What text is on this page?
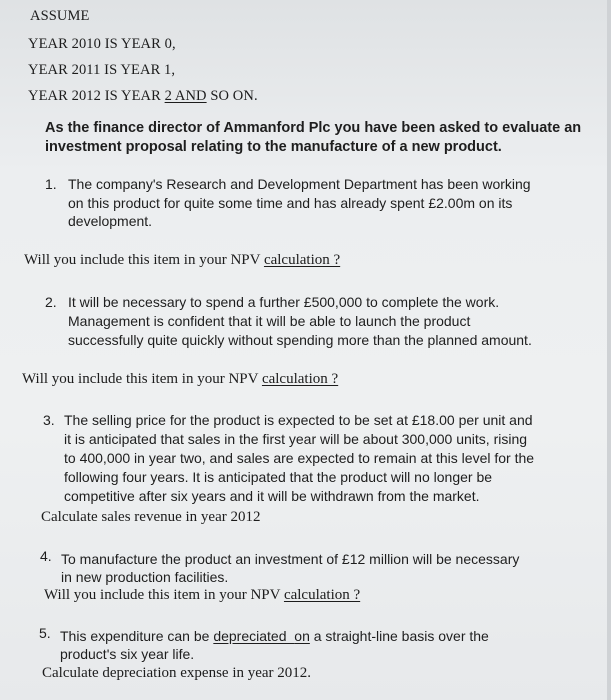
ASSUME
YEAR 2010 IS YEAR 0,
YEAR 2011 IS YEAR 1,
YEAR 2012 IS YEAR 2 AND SO ON.
As the finance director of Ammanford Plc you have been asked to evaluate an
investment proposal relating to the manufacture of a new product.
1. The company's Research and Development Department has been working
on this product for quite some time and has already spent £2.00m on its
development.
Will you include this item in your NPV calculation ?
2. It will be necessary to spend a further £500,000 to complete the work.
Management is confident that it will be able to launch the product
successfully quite quickly without spending more than the planned amount.
Will you include this item in your NPV calculation ?
3. The selling price for the product is expected to be set at £18.00 per unit and
it is anticipated that sales in the first year will be about 300,000 units, rising
to 400,000 in year two, and sales are expected to remain at this level for the
following four years. It is anticipated that the product will no longer be
competitive after six years and it will be withdrawn from the market.
Calculate sales revenue in year 2012
4. To manufacture the product an investment of £12 million will be necessary
in new production facilities.
Will you include this item in your NPV calculation ?
5. This expenditure can be depreciated on a straight-line basis over the
product's six year life.
Calculate depreciation expense in year 2012.
